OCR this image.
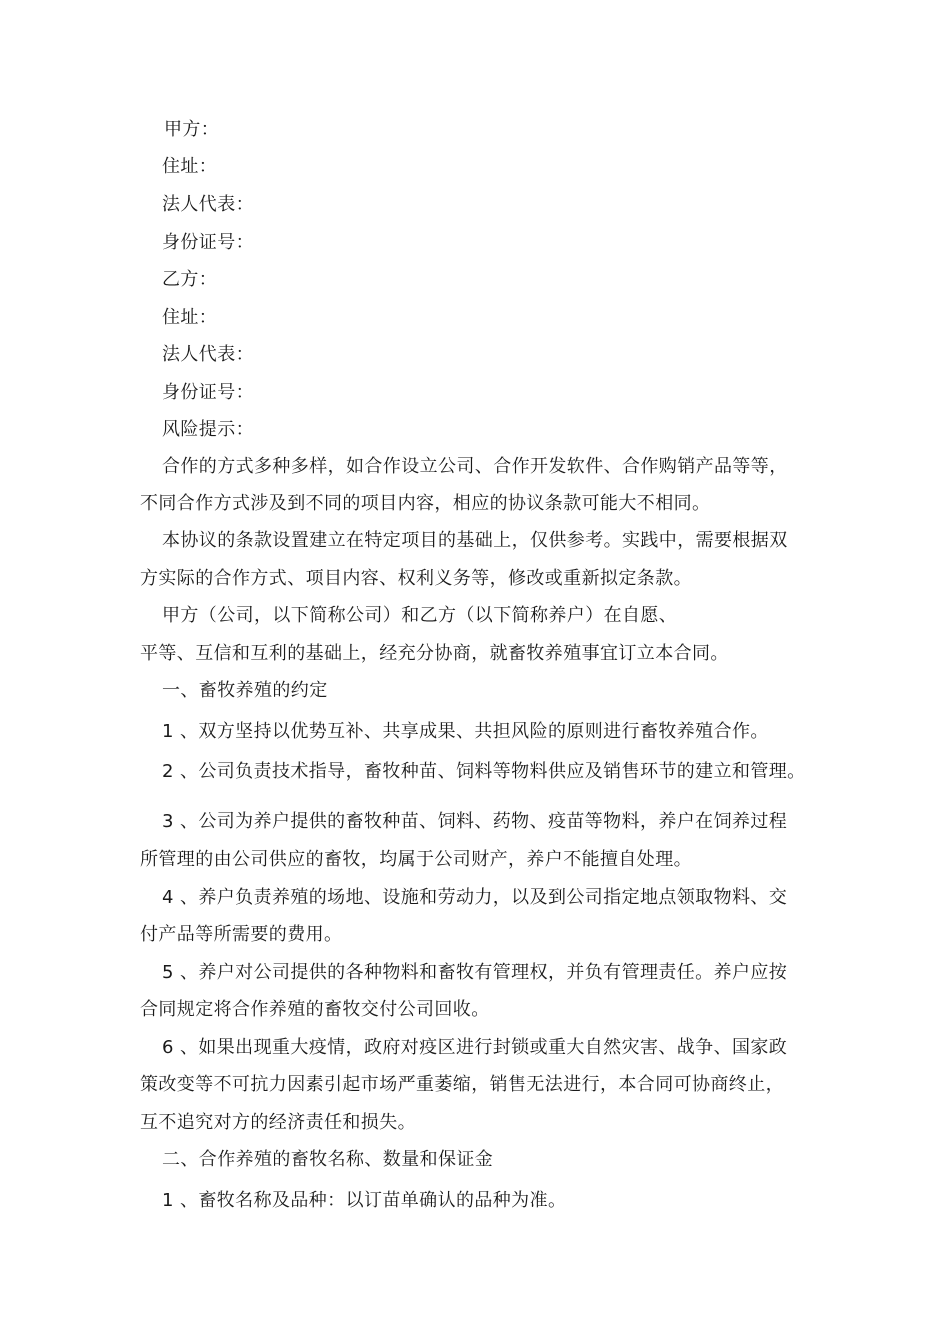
甲方：
住址：
法人代表：
身份证号：
乙方：
住址：
法人代表：
身份证号：
风险提示：
合作的方式多种多样，如合作设立公司、合作开发软件、合作购销产品等等，
不同合作方式涉及到不同的项目内容，相应的协议条款可能大不相同。
本协议的条款设置建立在特定项目的基础上，仅供参考。实践中，需要根据双
方实际的合作方式、项目内容、权利义务等，修改或重新拟定条款。
甲方（公司，以下简称公司）和乙方（以下简称养户）在自愿、
平等、互信和互利的基础上，经充分协商，就畜牧养殖事宜订立本合同。
一、畜牧养殖的约定
1 、双方坚持以优势互补、共享成果、共担风险的原则进行畜牧养殖合作。
2 、公司负责技术指导，畜牧种苗、饲料等物料供应及销售环节的建立和管理。
3 、公司为养户提供的畜牧种苗、饲料、药物、疫苗等物料，养户在饲养过程
所管理的由公司供应的畜牧，均属于公司财产，养户不能擅自处理。
4 、养户负责养殖的场地、设施和劳动力，以及到公司指定地点领取物料、交
付产品等所需要的费用。
5 、养户对公司提供的各种物料和畜牧有管理权，并负有管理责任。养户应按
合同规定将合作养殖的畜牧交付公司回收。
6 、如果出现重大疫情，政府对疫区进行封锁或重大自然灾害、战争、国家政
策改变等不可抗力因素引起市场严重萎缩，销售无法进行，本合同可协商终止，
互不追究对方的经济责任和损失。
二、合作养殖的畜牧名称、数量和保证金
1 、畜牧名称及品种：以订苗单确认的品种为准。
